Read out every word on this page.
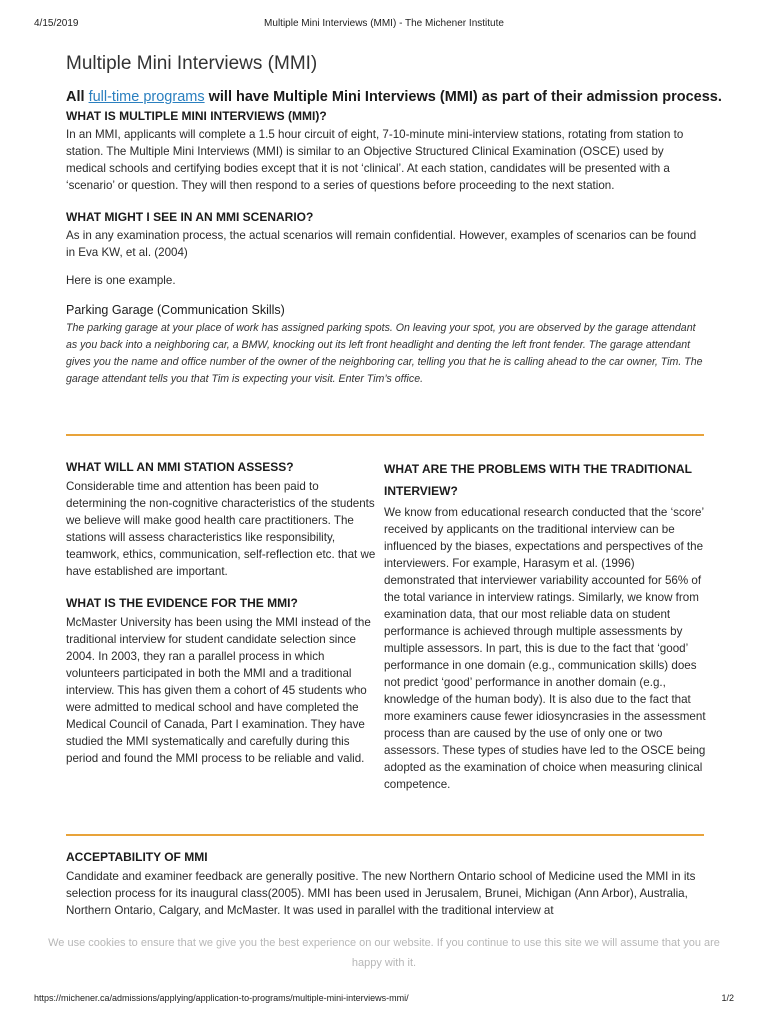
4/15/2019	Multiple Mini Interviews (MMI) - The Michener Institute
Multiple Mini Interviews (MMI)
All full-time programs will have Multiple Mini Interviews (MMI) as part of their admission process.
WHAT IS MULTIPLE MINI INTERVIEWS (MMI)?

In an MMI, applicants will complete a 1.5 hour circuit of eight, 7-10-minute mini-interview stations, rotating from station to station. The Multiple Mini Interviews (MMI) is similar to an Objective Structured Clinical Examination (OSCE) used by medical schools and certifying bodies except that it is not ‘clinical’. At each station, candidates will be presented with a ‘scenario’ or question. They will then respond to a series of questions before proceeding to the next station.

WHAT MIGHT I SEE IN AN MMI SCENARIO?

As in any examination process, the actual scenarios will remain confidential. However, examples of scenarios can be found in Eva KW, et al. (2004)

Here is one example.

Parking Garage (Communication Skills)

The parking garage at your place of work has assigned parking spots. On leaving your spot, you are observed by the garage attendant as you back into a neighboring car, a BMW, knocking out its left front headlight and denting the left front fender. The garage attendant gives you the name and office number of the owner of the neighboring car, telling you that he is calling ahead to the car owner, Tim. The garage attendant tells you that Tim is expecting your visit. Enter Tim’s office.

WHAT WILL AN MMI STATION ASSESS?

Considerable time and attention has been paid to determining the non-cognitive characteristics of the students we believe will make good health care practitioners. The stations will assess characteristics like responsibility, teamwork, ethics, communication, self-reflection etc. that we have established are important.

WHAT IS THE EVIDENCE FOR THE MMI?

McMaster University has been using the MMI instead of the traditional interview for student candidate selection since 2004. In 2003, they ran a parallel process in which volunteers participated in both the MMI and a traditional interview. This has given them a cohort of 45 students who were admitted to medical school and have completed the Medical Council of Canada, Part I examination. They have studied the MMI systematically and carefully during this period and found the MMI process to be reliable and valid.

WHAT ARE THE PROBLEMS WITH THE TRADITIONAL INTERVIEW?

We know from educational research conducted that the ‘score’ received by applicants on the traditional interview can be influenced by the biases, expectations and perspectives of the interviewers. For example, Harasym et al. (1996) demonstrated that interviewer variability accounted for 56% of the total variance in interview ratings. Similarly, we know from examination data, that our most reliable data on student performance is achieved through multiple assessments by multiple assessors. In part, this is due to the fact that ‘good’ performance in one domain (e.g., communication skills) does not predict ‘good’ performance in another domain (e.g., knowledge of the human body). It is also due to the fact that more examiners cause fewer idiosyncrasies in the assessment process than are caused by the use of only one or two assessors. These types of studies have led to the OSCE being adopted as the examination of choice when measuring clinical competence.

ACCEPTABILITY OF MMI

Candidate and examiner feedback are generally positive. The new Northern Ontario school of Medicine used the MMI in its selection process for its inaugural class(2005). MMI has been used in Jerusalem, Brunei, Michigan (Ann Arbor), Australia, Northern Ontario, Calgary, and McMaster. It was used in parallel with the traditional interview at

We use cookies to ensure that we give you the best experience on our website. If you continue to use this site we will assume that you are happy with it.
https://michener.ca/admissions/applying/application-to-programs/multiple-mini-interviews-mmi/	1/2
